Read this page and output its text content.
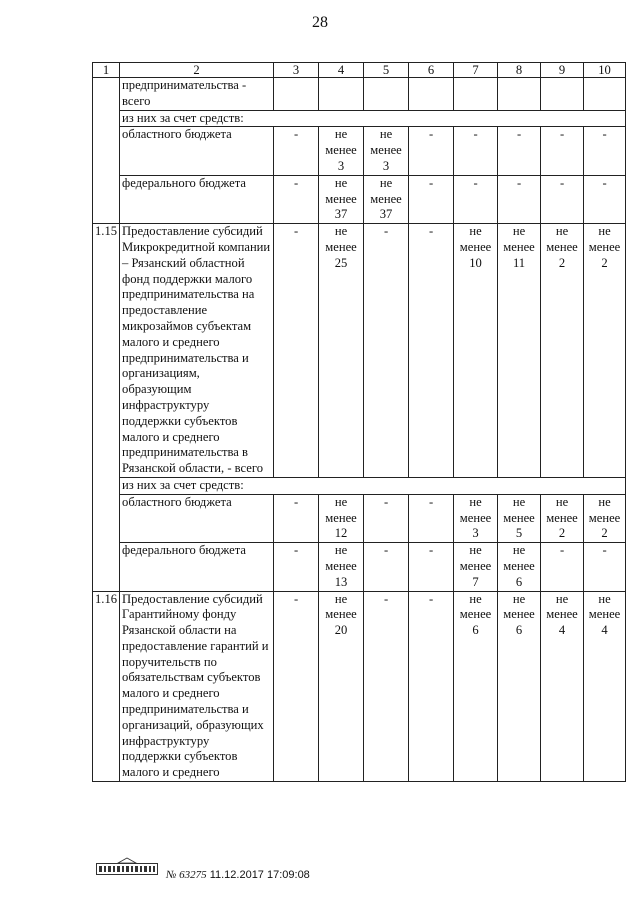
28
1	2	3	4	5	6	7	8	9	10
	предпринимательства - всего								
	из них за счет средств:								
	областного бюджета	-	не менее 3	не менее 3	-	-	-	-	-
	федерального бюджета	-	не менее 37	не менее 37	-	-	-	-	-
1.15	Предоставление субсидий Микрокредитной компании – Рязанский областной фонд поддержки малого предпринимательства на предоставление микрозаймов субъектам малого и среднего предпринимательства и организациям, образующим инфраструктуру поддержки субъектов малого и среднего предпринимательства в Рязанской области, - всего	-	не менее 25	-	-	не менее 10	не менее 11	не менее 2	не менее 2
	из них за счет средств:								
	областного бюджета	-	не менее 12	-	-	не менее 3	не менее 5	не менее 2	не менее 2
	федерального бюджета	-	не менее 13	-	-	не менее 7	не менее 6	-	-
1.16	Предоставление субсидий Гарантийному фонду Рязанской области на предоставление гарантий и поручительств по обязательствам субъектов малого и среднего предпринимательства и организаций, образующих инфраструктуру поддержки субъектов малого и среднего	-	не менее 20	-	-	не менее 6	не менее 6	не менее 4	не менее 4
№ 63275 11.12.2017 17:09:08
